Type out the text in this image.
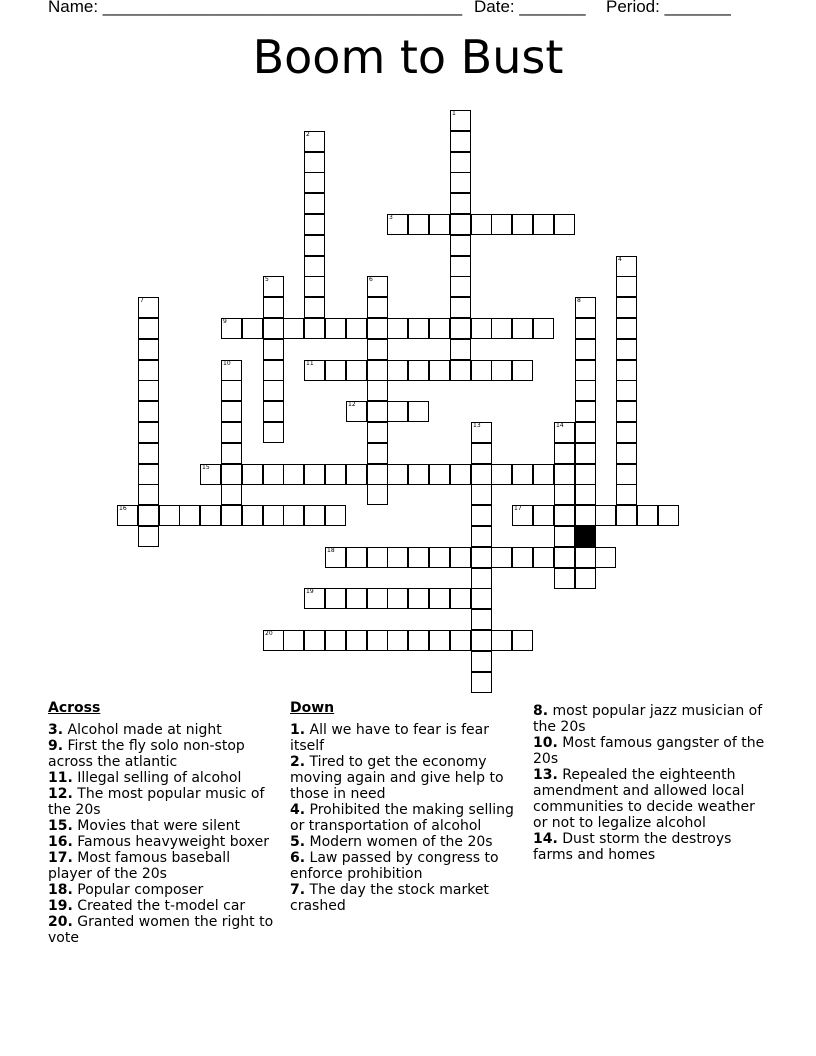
Name: ______________________________________ Date: _______ Period: _______
Boom to Bust
1
2
3
4
5	6
7	8
9
10	11
12
13	14
15
16	17
18
19
20
Across
3. Alcohol made at night
9. First the fly solo non-stop across the atlantic
11. Illegal selling of alcohol
12. The most popular music of the 20s
15. Movies that were silent
16. Famous heavyweight boxer
17. Most famous baseball player of the 20s
18. Popular composer
19. Created the t-model car
20. Granted women the right to vote
Down
1. All we have to fear is fear itself
2. Tired to get the economy moving again and give help to those in need
4. Prohibited the making selling or transportation of alcohol
5. Modern women of the 20s
6. Law passed by congress to enforce prohibition
7. The day the stock market crashed
8. most popular jazz musician of the 20s
10. Most famous gangster of the 20s
13. Repealed the eighteenth amendment and allowed local communities to decide weather or not to legalize alcohol
14. Dust storm the destroys farms and homes
